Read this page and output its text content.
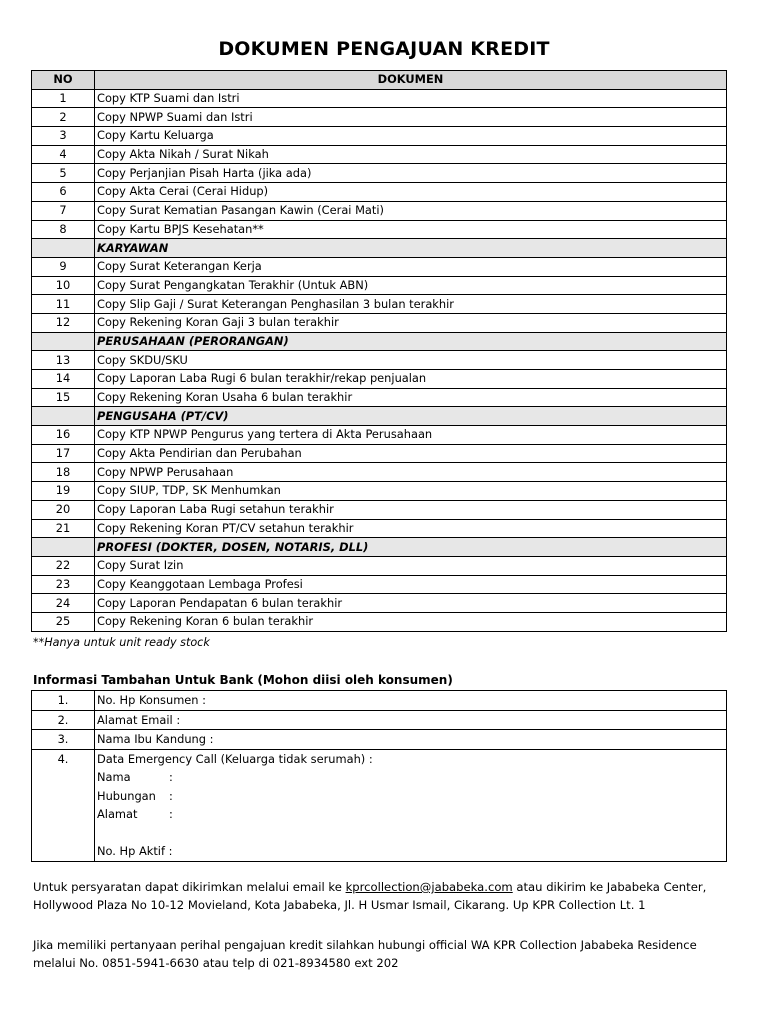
DOKUMEN PENGAJUAN KREDIT
NO	DOKUMEN
1	Copy KTP Suami dan Istri
2	Copy NPWP Suami dan Istri
3	Copy Kartu Keluarga
4	Copy Akta Nikah / Surat Nikah
5	Copy Perjanjian Pisah Harta (jika ada)
6	Copy Akta Cerai (Cerai Hidup)
7	Copy Surat Kematian Pasangan Kawin (Cerai Mati)
8	Copy Kartu BPJS Kesehatan**
	KARYAWAN
9	Copy Surat Keterangan Kerja
10	Copy Surat Pengangkatan Terakhir (Untuk ABN)
11	Copy Slip Gaji / Surat Keterangan Penghasilan 3 bulan terakhir
12	Copy Rekening Koran Gaji 3 bulan terakhir
	PERUSAHAAN (PERORANGAN)
13	Copy SKDU/SKU
14	Copy Laporan Laba Rugi 6 bulan terakhir/rekap penjualan
15	Copy Rekening Koran Usaha 6 bulan terakhir
	PENGUSAHA (PT/CV)
16	Copy KTP NPWP Pengurus yang tertera di Akta Perusahaan
17	Copy Akta Pendirian dan Perubahan
18	Copy NPWP Perusahaan
19	Copy SIUP, TDP, SK Menhumkan
20	Copy Laporan Laba Rugi setahun terakhir
21	Copy Rekening Koran PT/CV setahun terakhir
	PROFESI (DOKTER, DOSEN, NOTARIS, DLL)
22	Copy Surat Izin
23	Copy Keanggotaan Lembaga Profesi
24	Copy Laporan Pendapatan 6 bulan terakhir
25	Copy Rekening Koran 6 bulan terakhir
**Hanya untuk unit ready stock
Informasi Tambahan Untuk Bank (Mohon diisi oleh konsumen)
1.	No. Hp Konsumen :
2.	Alamat Email :
3.	Nama Ibu Kandung :
4.	Data Emergency Call (Keluarga tidak serumah) :
Nama :
Hubungan :
Alamat :
No. Hp Aktif :
Untuk persyaratan dapat dikirimkan melalui email ke kprcollection@jababeka.com atau dikirim ke Jababeka Center, Hollywood Plaza No 10-12 Movieland, Kota Jababeka, Jl. H Usmar Ismail, Cikarang. Up KPR Collection Lt. 1
Jika memiliki pertanyaan perihal pengajuan kredit silahkan hubungi official WA KPR Collection Jababeka Residence melalui No. 0851-5941-6630 atau telp di 021-8934580 ext 202
